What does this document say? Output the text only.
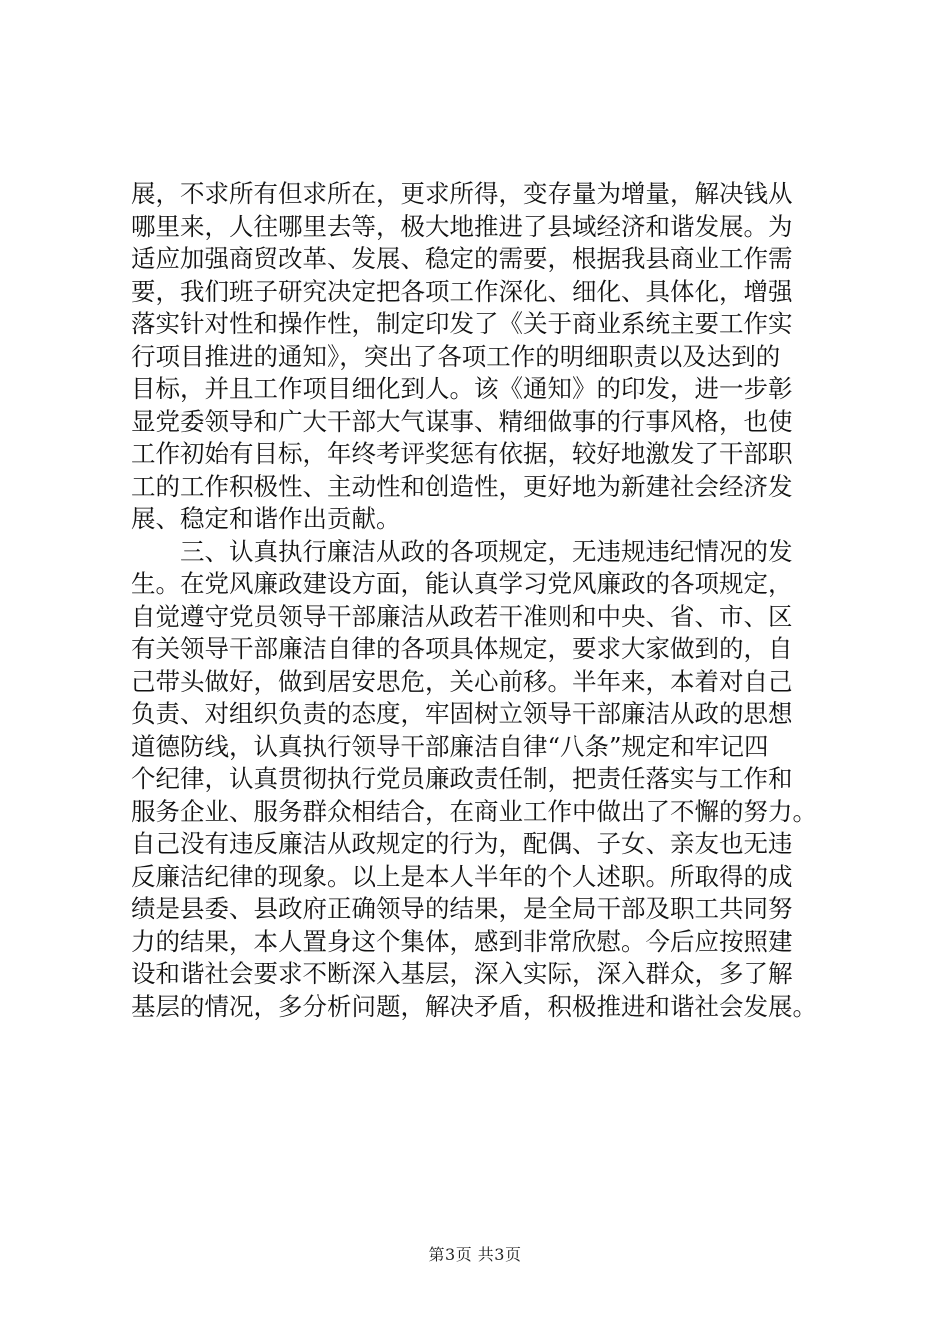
展，不求所有但求所在，更求所得，变存量为增量，解决钱从
哪里来，人往哪里去等，极大地推进了县域经济和谐发展。为
适应加强商贸改革、发展、稳定的需要，根据我县商业工作需
要，我们班子研究决定把各项工作深化、细化、具体化，增强
落实针对性和操作性，制定印发了《关于商业系统主要工作实
行项目推进的通知》，突出了各项工作的明细职责以及达到的
目标，并且工作项目细化到人。该《通知》的印发，进一步彰
显党委领导和广大干部大气谋事、精细做事的行事风格，也使
工作初始有目标，年终考评奖惩有依据，较好地激发了干部职
工的工作积极性、主动性和创造性，更好地为新建社会经济发
展、稳定和谐作出贡献。
　　三、认真执行廉洁从政的各项规定，无违规违纪情况的发
生。在党风廉政建设方面，能认真学习党风廉政的各项规定，
自觉遵守党员领导干部廉洁从政若干准则和中央、省、市、区
有关领导干部廉洁自律的各项具体规定，要求大家做到的，自
己带头做好，做到居安思危，关心前移。半年来，本着对自己
负责、对组织负责的态度，牢固树立领导干部廉洁从政的思想
道德防线，认真执行领导干部廉洁自律“八条”规定和牢记四
个纪律，认真贯彻执行党员廉政责任制，把责任落实与工作和
服务企业、服务群众相结合，在商业工作中做出了不懈的努力。
自己没有违反廉洁从政规定的行为，配偶、子女、亲友也无违
反廉洁纪律的现象。以上是本人半年的个人述职。所取得的成
绩是县委、县政府正确领导的结果，是全局干部及职工共同努
力的结果，本人置身这个集体，感到非常欣慰。今后应按照建
设和谐社会要求不断深入基层，深入实际，深入群众，多了解
基层的情况，多分析问题，解决矛盾，积极推进和谐社会发展。
第3页 共3页
